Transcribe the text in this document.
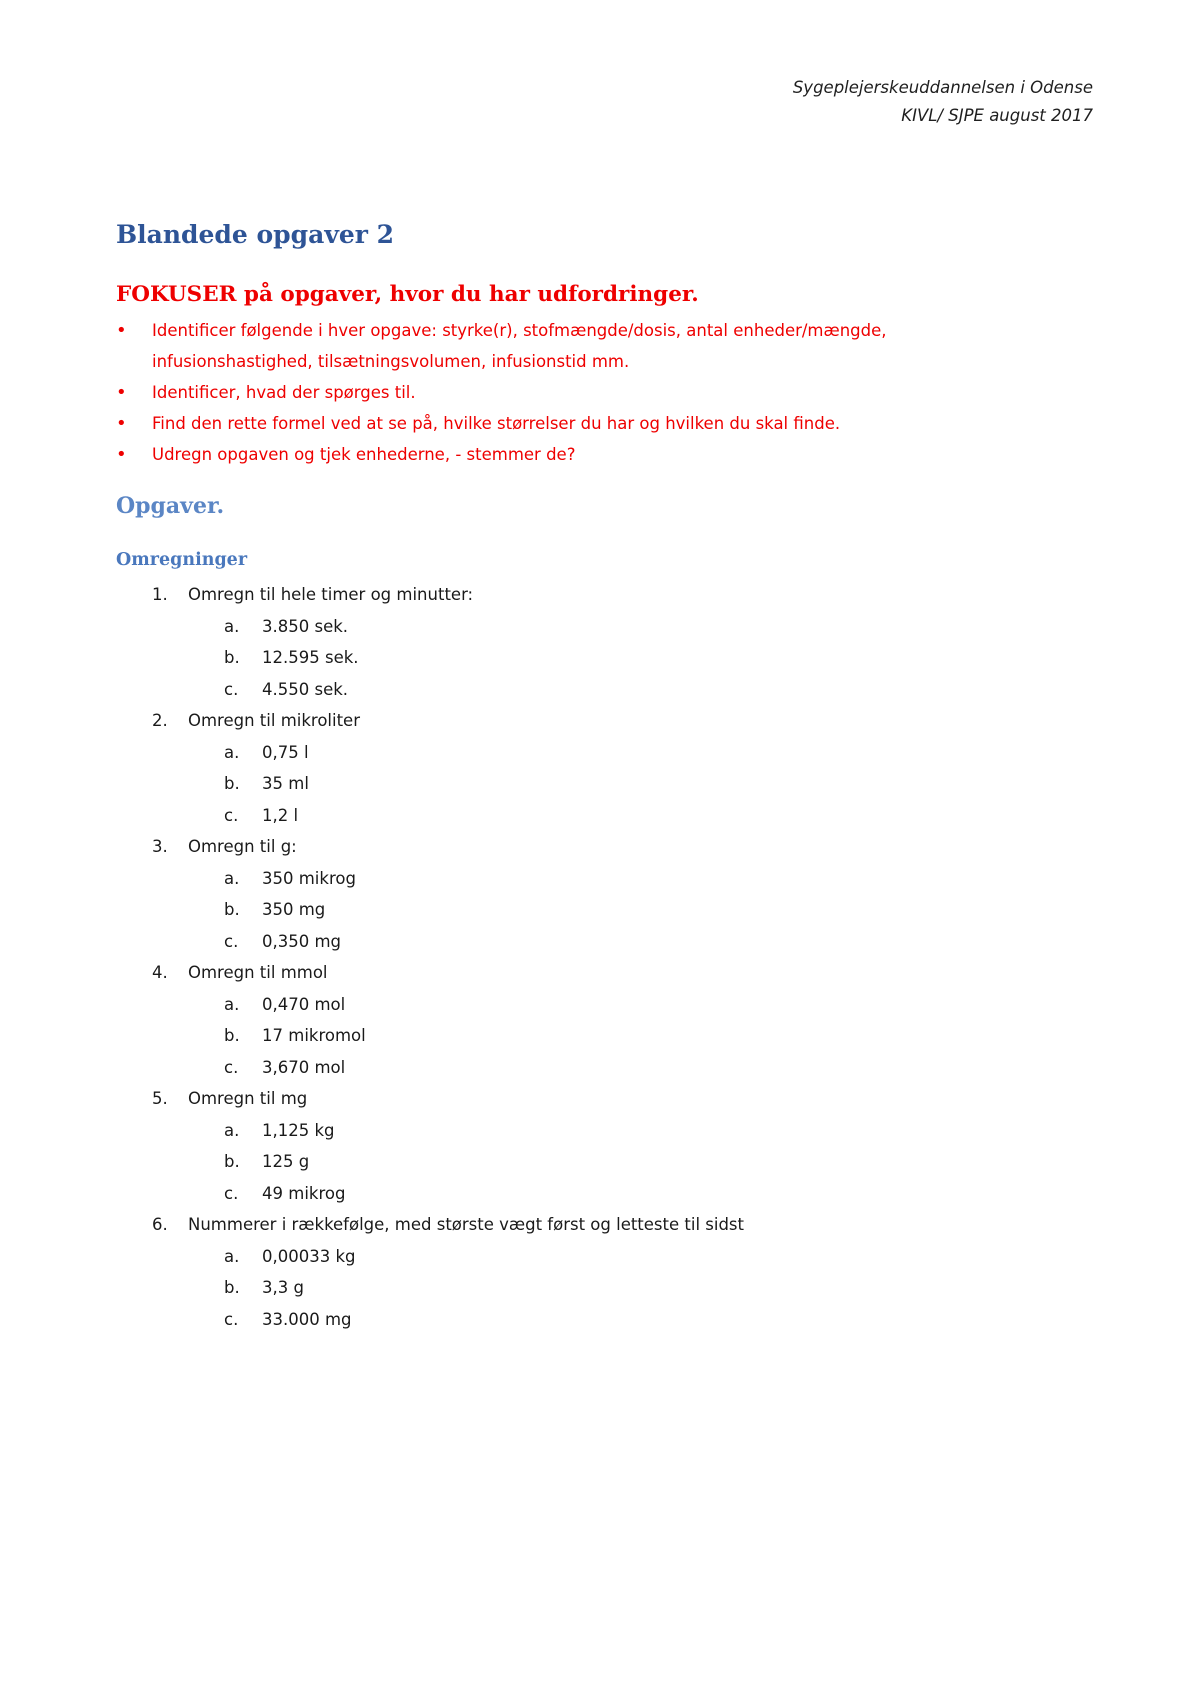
Sygeplejerskeuddannelsen i Odense
KIVL/ SJPE august 2017
Blandede opgaver 2
FOKUSER på opgaver, hvor du har udfordringer.
• Identificer følgende i hver opgave: styrke(r), stofmængde/dosis, antal enheder/mængde,
infusionshastighed, tilsætningsvolumen, infusionstid mm.
• Identificer, hvad der spørges til.
• Find den rette formel ved at se på, hvilke størrelser du har og hvilken du skal finde.
• Udregn opgaven og tjek enhederne, - stemmer de?
Opgaver.
Omregninger
1. Omregn til hele timer og minutter:
a. 3.850 sek.
b. 12.595 sek.
c. 4.550 sek.
2. Omregn til mikroliter
a. 0,75 l
b. 35 ml
c. 1,2 l
3. Omregn til g:
a. 350 mikrog
b. 350 mg
c. 0,350 mg
4. Omregn til mmol
a. 0,470 mol
b. 17 mikromol
c. 3,670 mol
5. Omregn til mg
a. 1,125 kg
b. 125 g
c. 49 mikrog
6. Nummerer i rækkefølge, med største vægt først og letteste til sidst
a. 0,00033 kg
b. 3,3 g
c. 33.000 mg
